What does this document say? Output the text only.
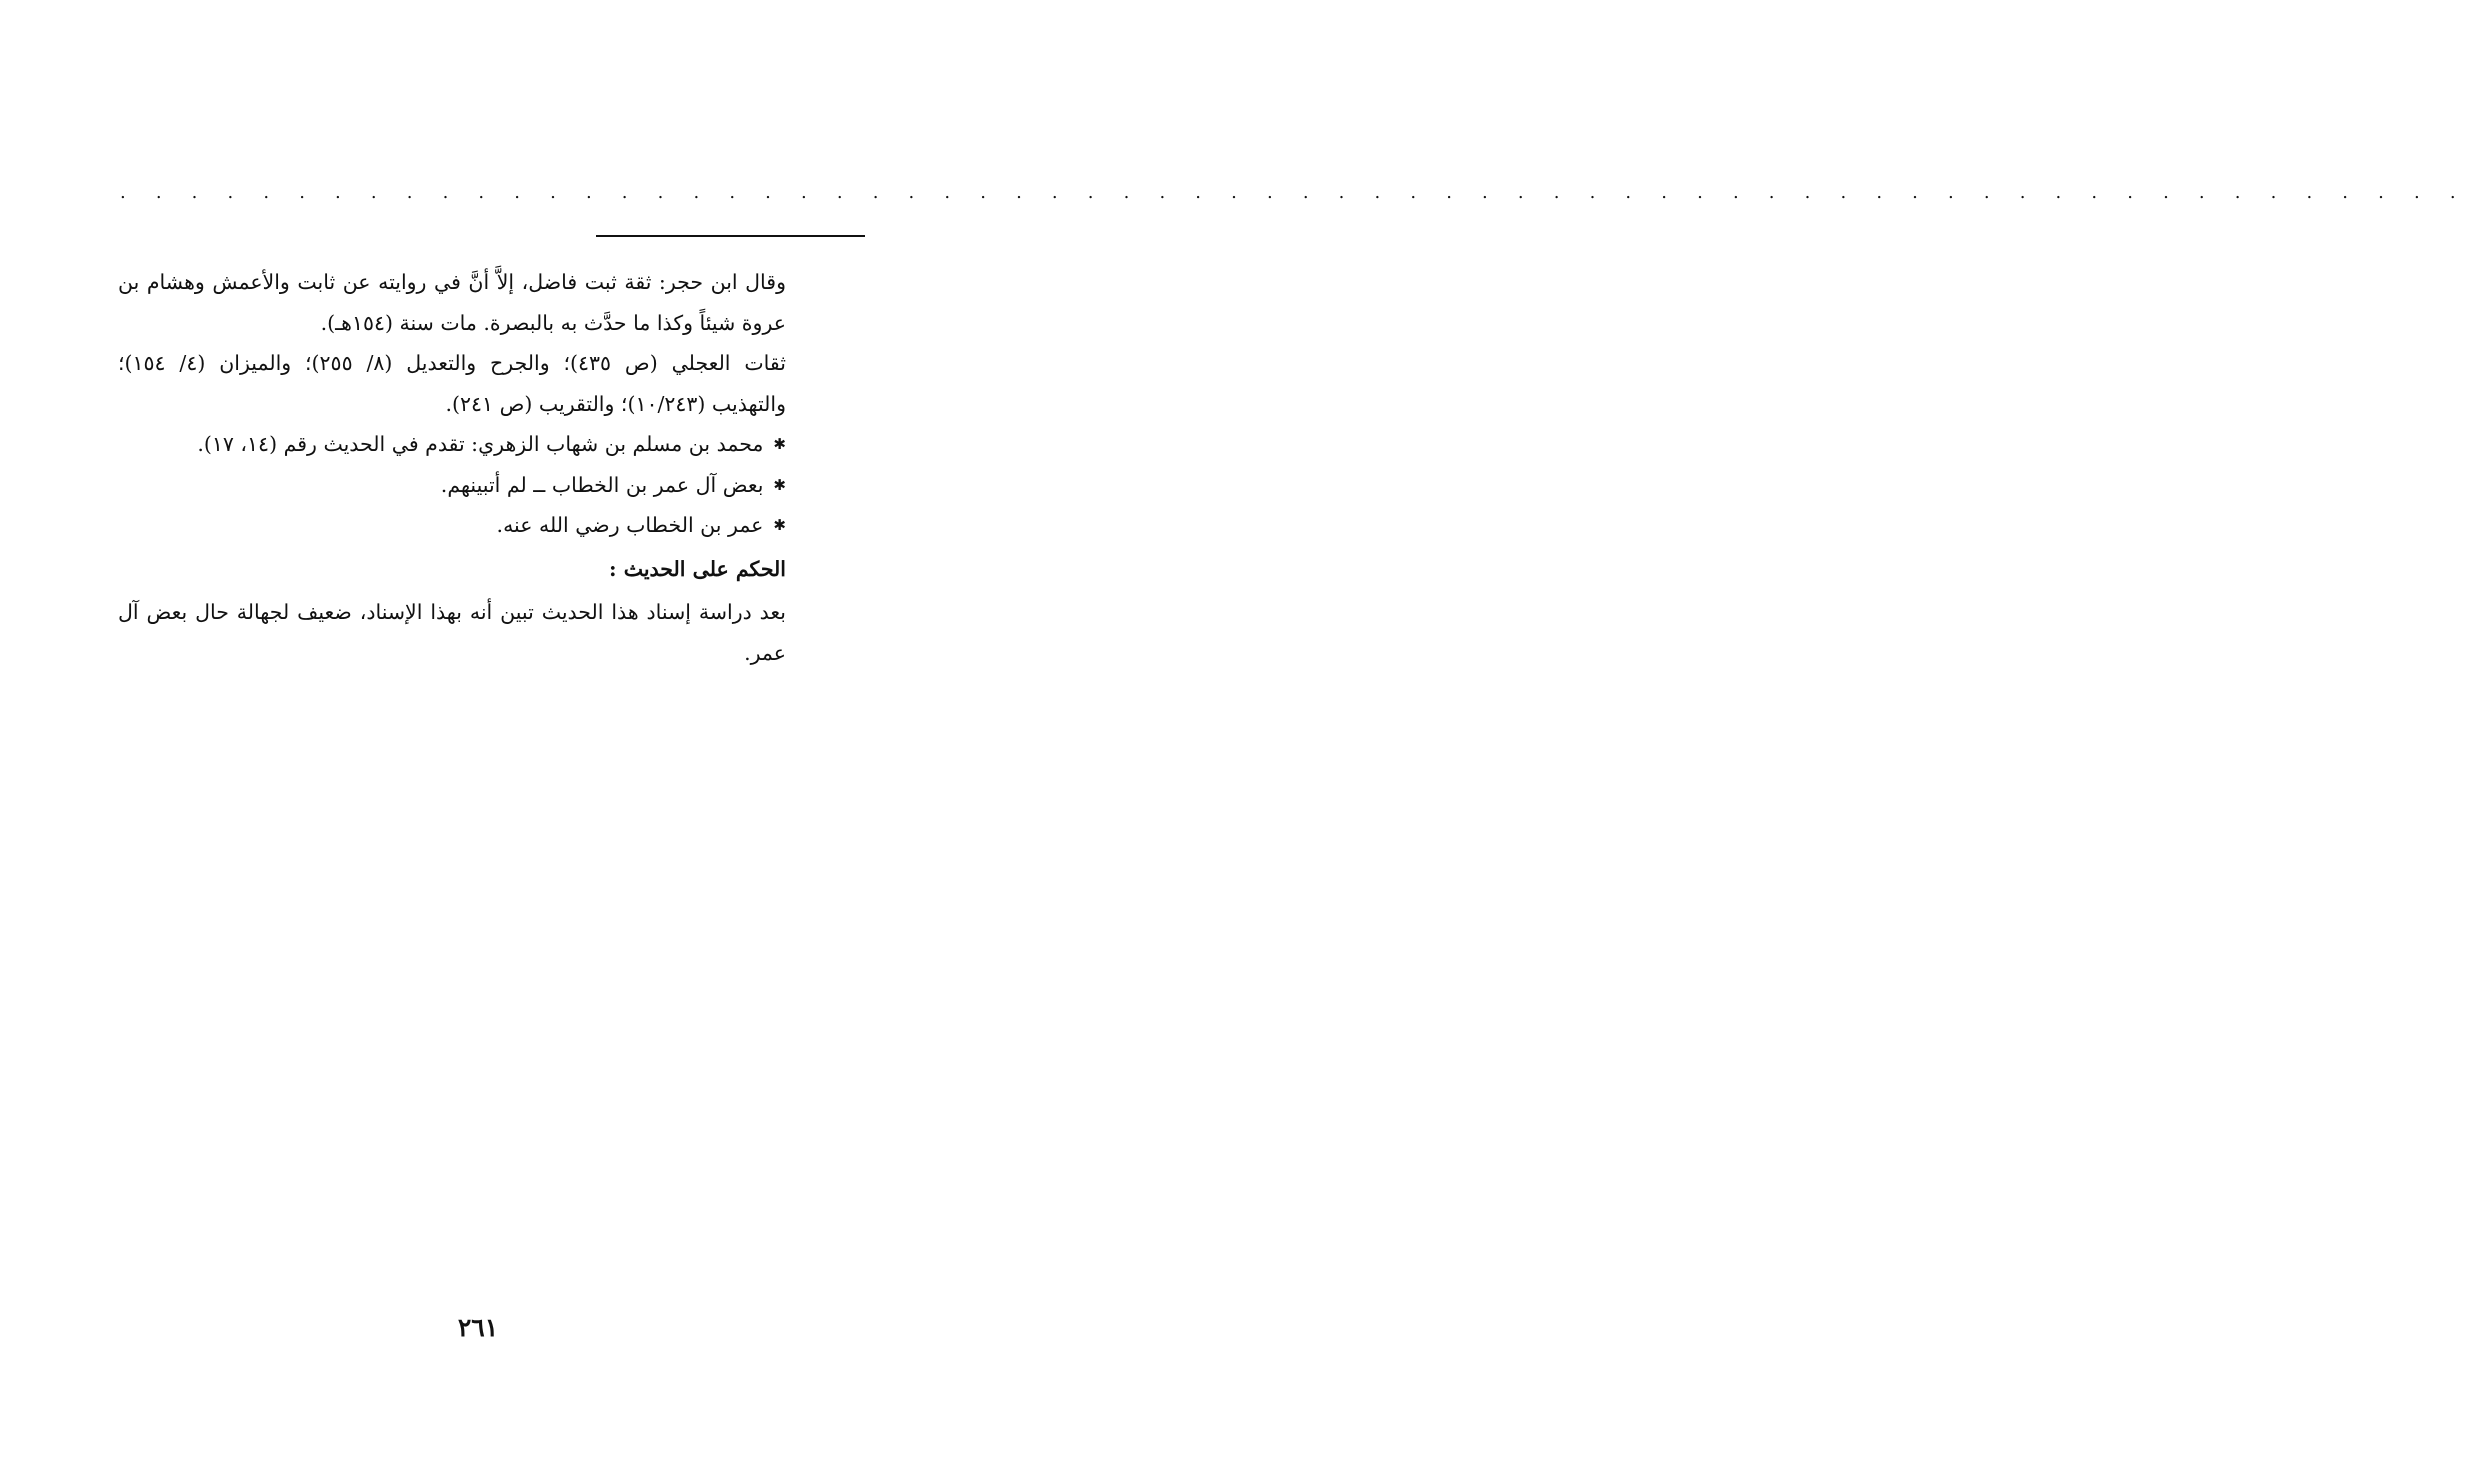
. . . . . . . . . . . . . . . . . . . . . . . . . . . . . . . . . . . . . . . . . . . . . . . . . . . . . . . . . . . . . . . . . .

وقال ابن حجر: ثقة ثبت فاضل، إلاَّ أنَّ في روايته عن ثابت والأعمش وهشام بن عروة شيئاً وكذا ما حدَّث به بالبصرة. مات سنة (١٥٤هـ).

ثقات العجلي (ص ٤٣٥)؛ والجرح والتعديل (٨/ ٢٥٥)؛ والميزان (٤/ ١٥٤)؛ والتهذيب (١٠/٢٤٣)؛ والتقريب (ص ٢٤١).

✱محمد بن مسلم بن شهاب الزهري: تقدم في الحديث رقم (١٤، ١٧).

✱بعض آل عمر بن الخطاب ــ لم أتبينهم.

✱عمر بن الخطاب رضي الله عنه.

الحكم على الحديث :

بعد دراسة إسناد هذا الحديث تبين أنه بهذا الإسناد، ضعيف لجهالة حال بعض آل عمر.

٢٦١
